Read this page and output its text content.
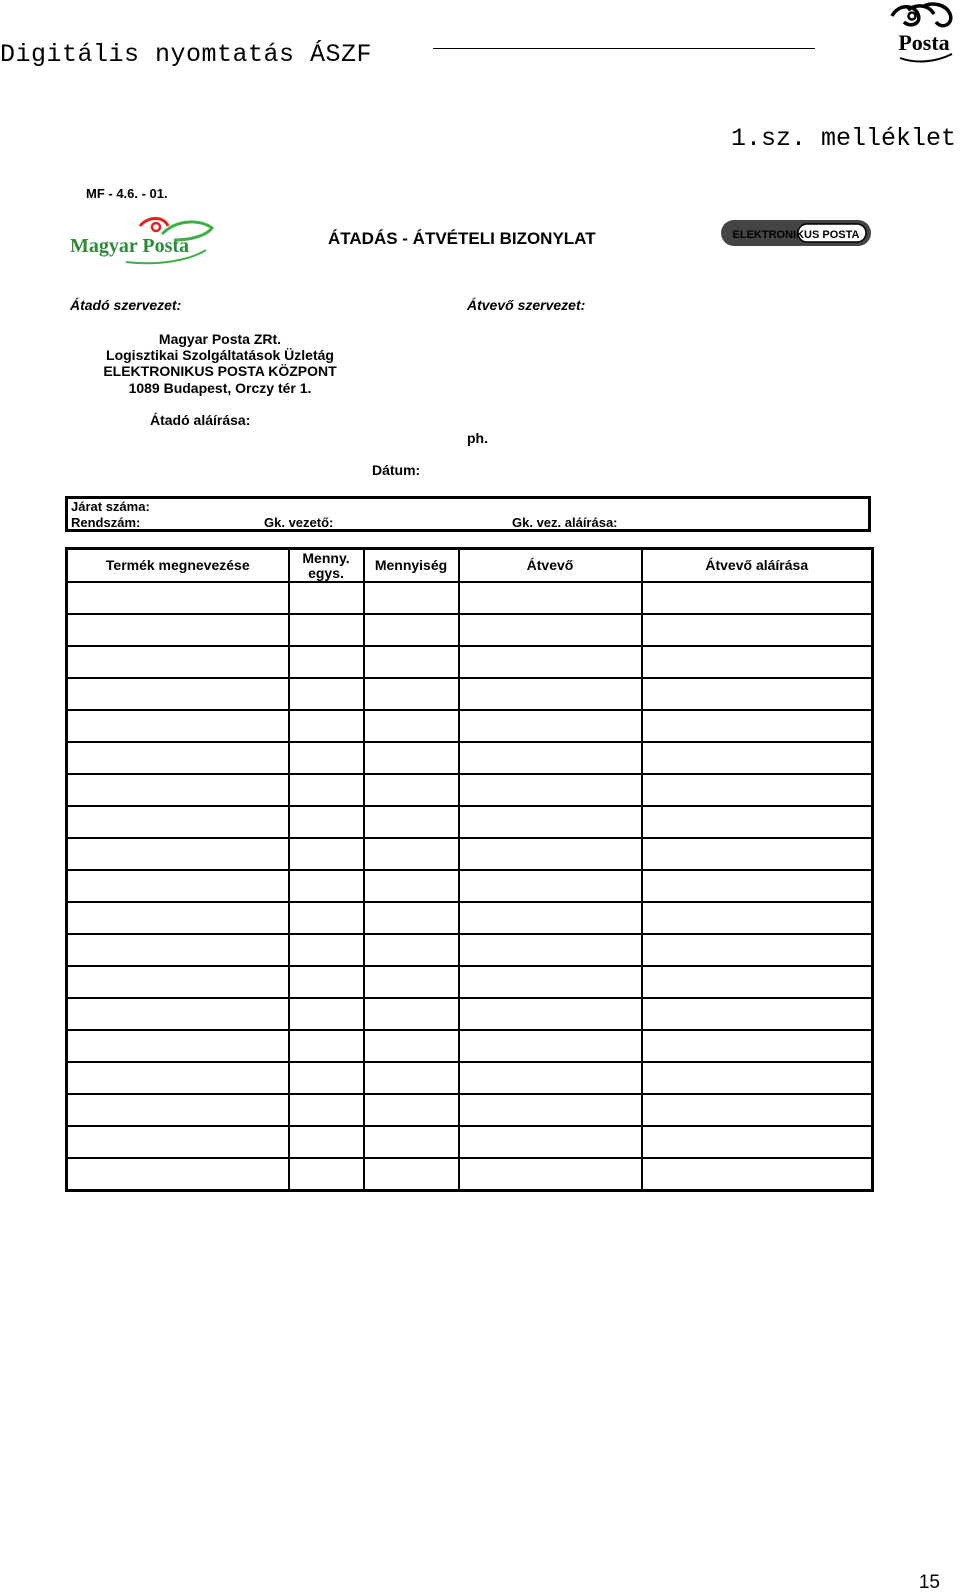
Digitális nyomtatás ÁSZF	Posta
1.sz. melléklet
MF - 4.6. - 01.
Magyar Posta	ÁTADÁS - ÁTVÉTELI BIZONYLAT	ELEKTRONIKUS POSTA
Átadó szervezet:	Átvevő szervezet:
Magyar Posta ZRt.
Logisztikai Szolgáltatások Üzletág
ELEKTRONIKUS POSTA KÖZPONT
1089 Budapest, Orczy tér 1.
Átadó aláírása:
ph.
Dátum:
Járat száma:
Rendszám:	Gk. vezető:	Gk. vez. aláírása:
Termék megnevezése	Menny. egys.	Mennyiség	Átvevő	Átvevő aláírása

15
